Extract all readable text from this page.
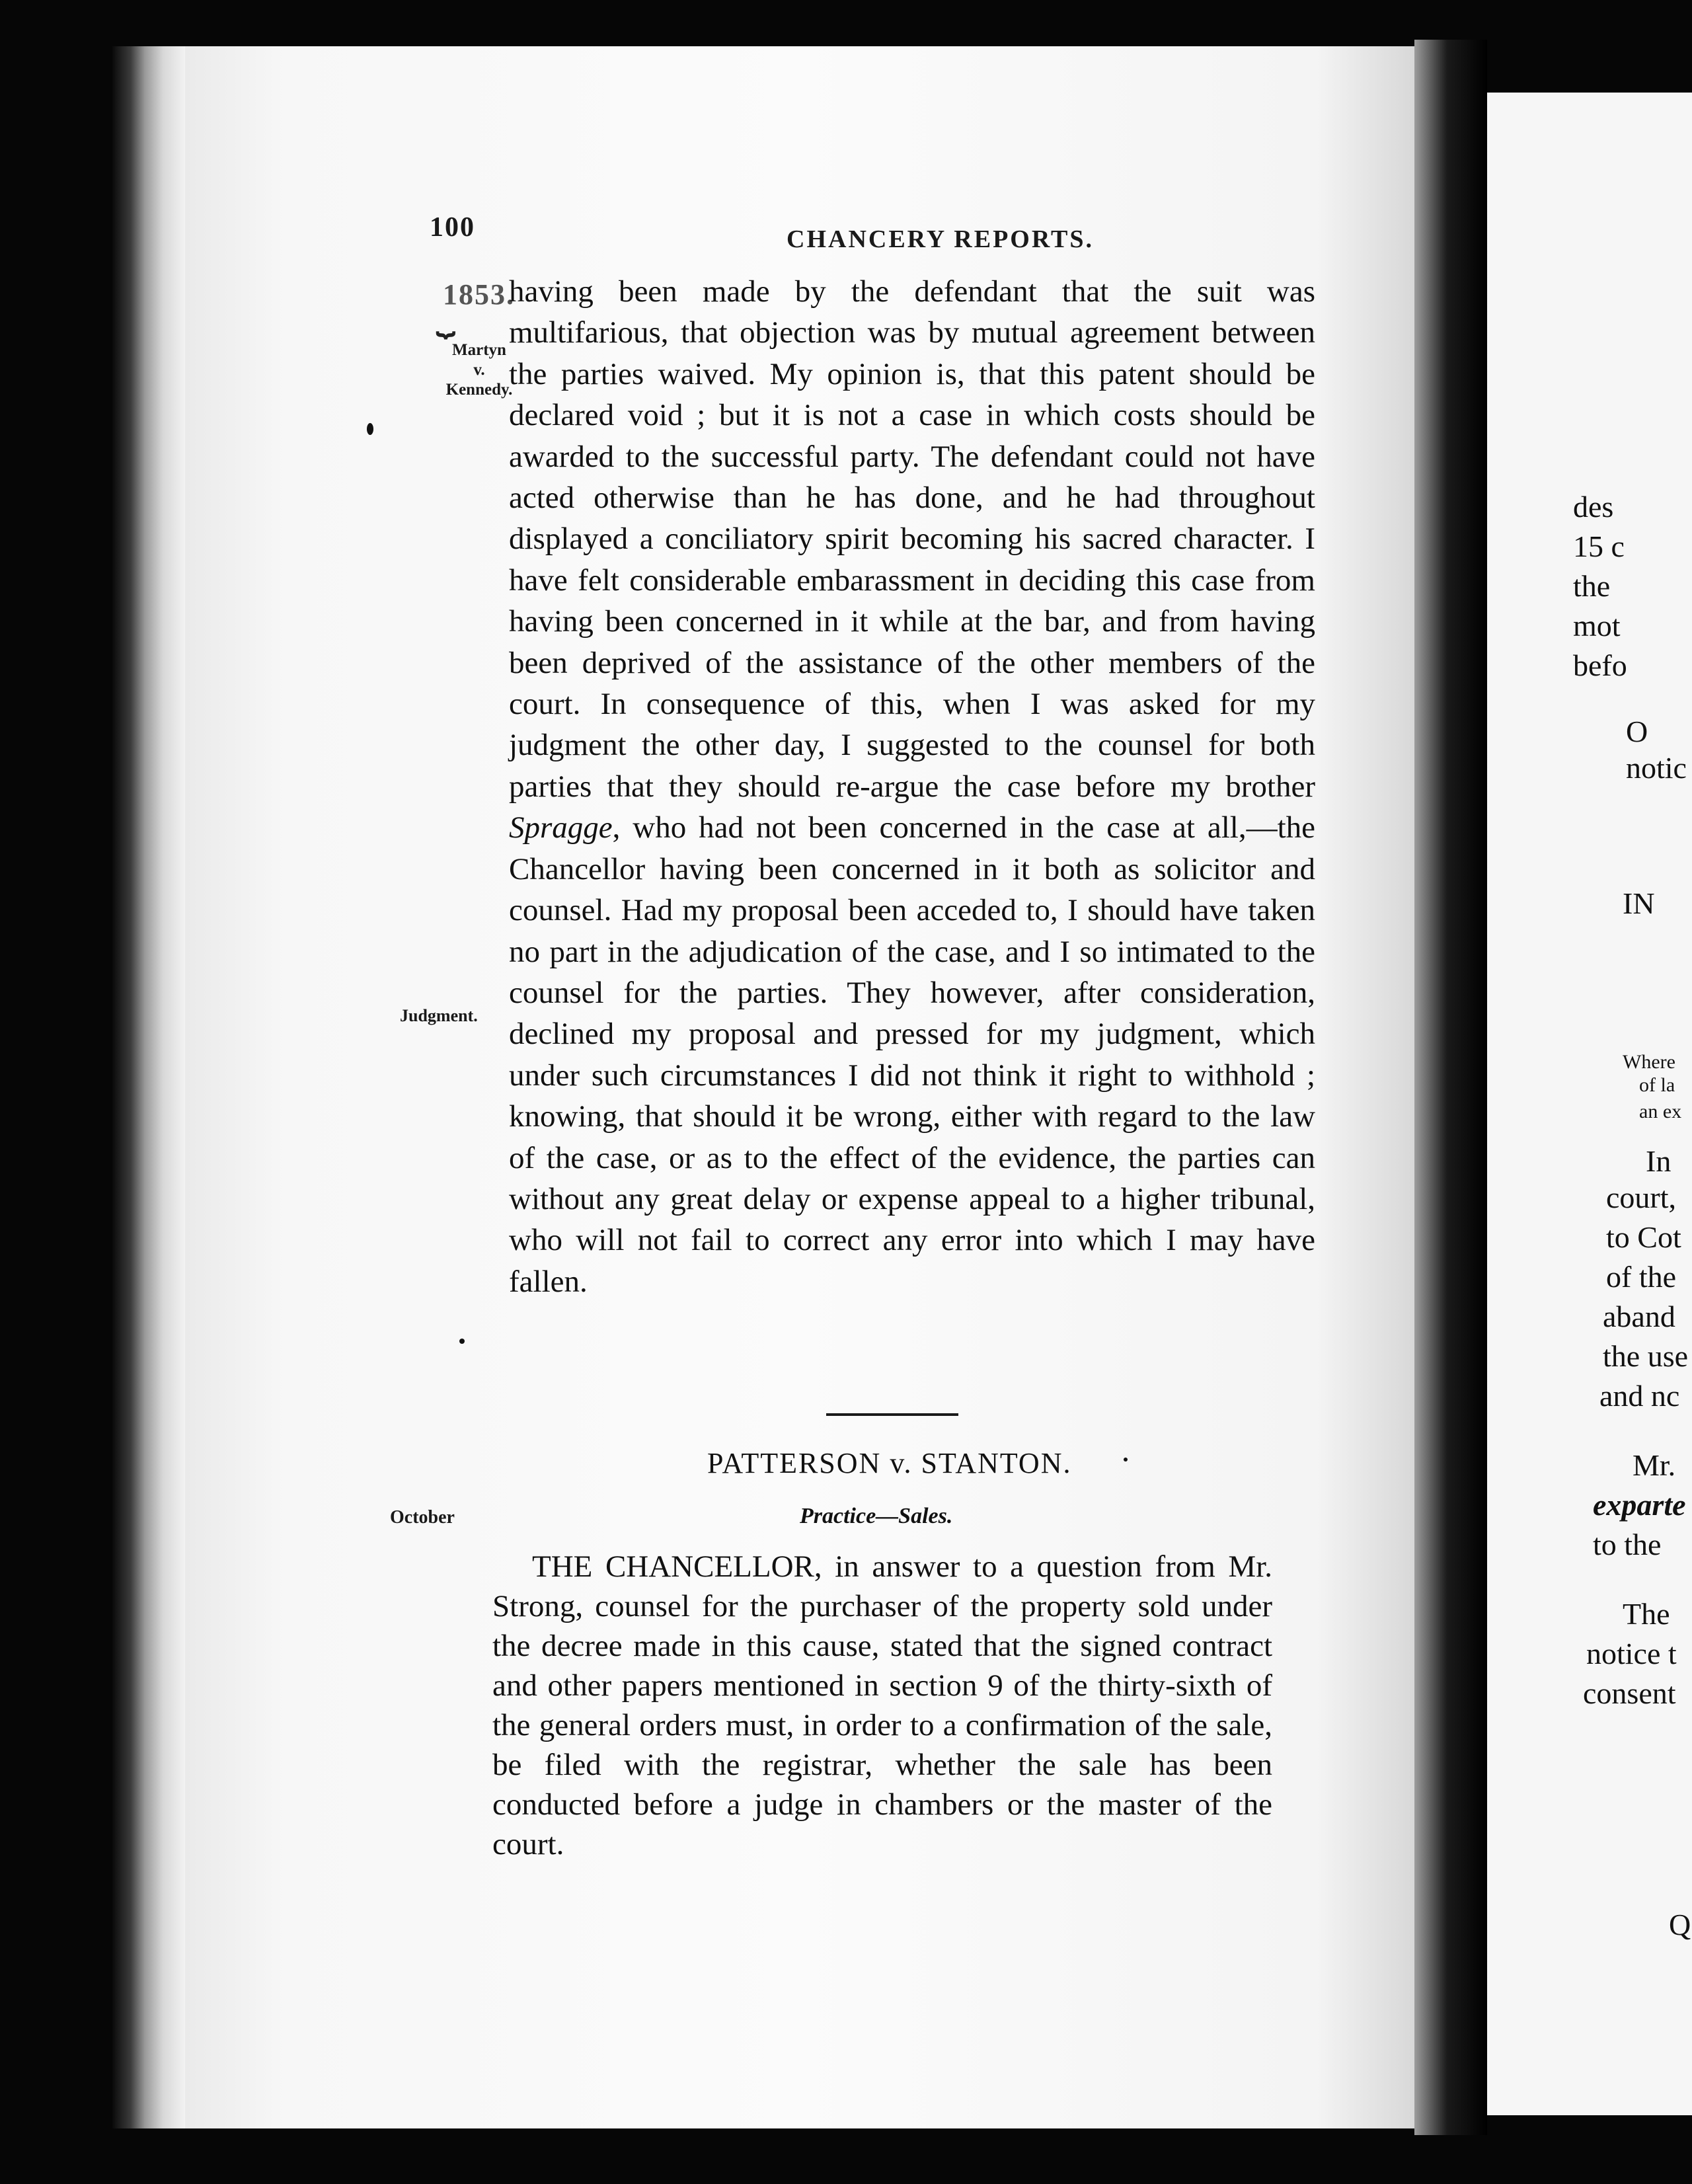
100	CHANCERY REPORTS.
1853.
⏟
Martyn
v.
Kennedy.
Judgment.
October

having been made by the defendant that the suit was multifarious, that objection was by mutual agreement between the parties waived. My opinion is, that this patent should be declared void ; but it is not a case in which costs should be awarded to the successful party. The defendant could not have acted otherwise than he has done, and he had throughout displayed a conciliatory spirit becoming his sacred character. I have felt considerable embarassment in deciding this case from having been concerned in it while at the bar, and from having been deprived of the assistance of the other members of the court. In consequence of this, when I was asked for my judgment the other day, I suggested to the counsel for both parties that they should re-argue the case before my brother Spragge, who had not been concerned in the case at all,—the Chancellor having been concerned in it both as solicitor and counsel. Had my proposal been acceded to, I should have taken no part in the adjudication of the case, and I so intimated to the counsel for the parties. They however, after consideration, declined my proposal and pressed for my judgment, which under such circumstances I did not think it right to withhold ; knowing, that should it be wrong, either with regard to the law of the case, or as to the effect of the evidence, the parties can without any great delay or expense appeal to a higher tribunal, who will not fail to correct any error into which I may have fallen.

PATTERSON v. STANTON.
Practice—Sales.

THE CHANCELLOR, in answer to a question from Mr. Strong, counsel for the purchaser of the property sold under the decree made in this cause, stated that the signed contract and other papers mentioned in section 9 of the thirty-sixth of the general orders must, in order to a confirmation of the sale, be filed with the registrar, whether the sale has been conducted before a judge in chambers or the master of the court.

des
15 c
the
mot
befo
O
notic
IN
Where
of la
an ex
In
court,
to Cot
of the
aband
the use
and nc
Mr.
exparte
to the
The
notice t
consent
Q
